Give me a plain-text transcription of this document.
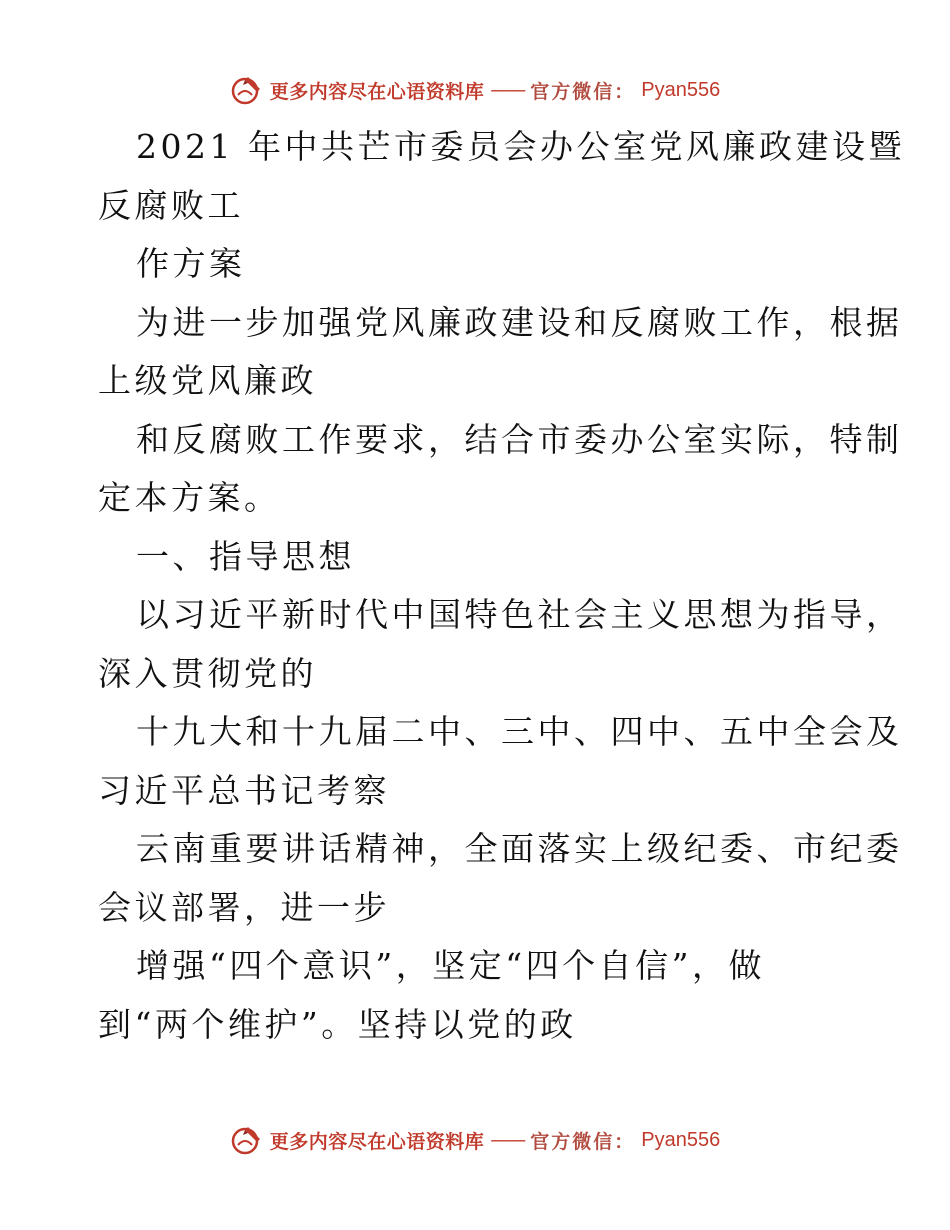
更多内容尽在心语资料库 —— 官方微信： Pyan556

2021 年中共芒市委员会办公室党风廉政建设暨

反腐败工

作方案

为进一步加强党风廉政建设和反腐败工作，根据

上级党风廉政

和反腐败工作要求，结合市委办公室实际，特制

定本方案。

一、指导思想

以习近平新时代中国特色社会主义思想为指导，

深入贯彻党的

十九大和十九届二中、三中、四中、五中全会及

习近平总书记考察

云南重要讲话精神，全面落实上级纪委、市纪委

会议部署，进一步

增强“四个意识”，坚定“四个自信”，做

到“两个维护”。坚持以党的政

更多内容尽在心语资料库 —— 官方微信： Pyan556
